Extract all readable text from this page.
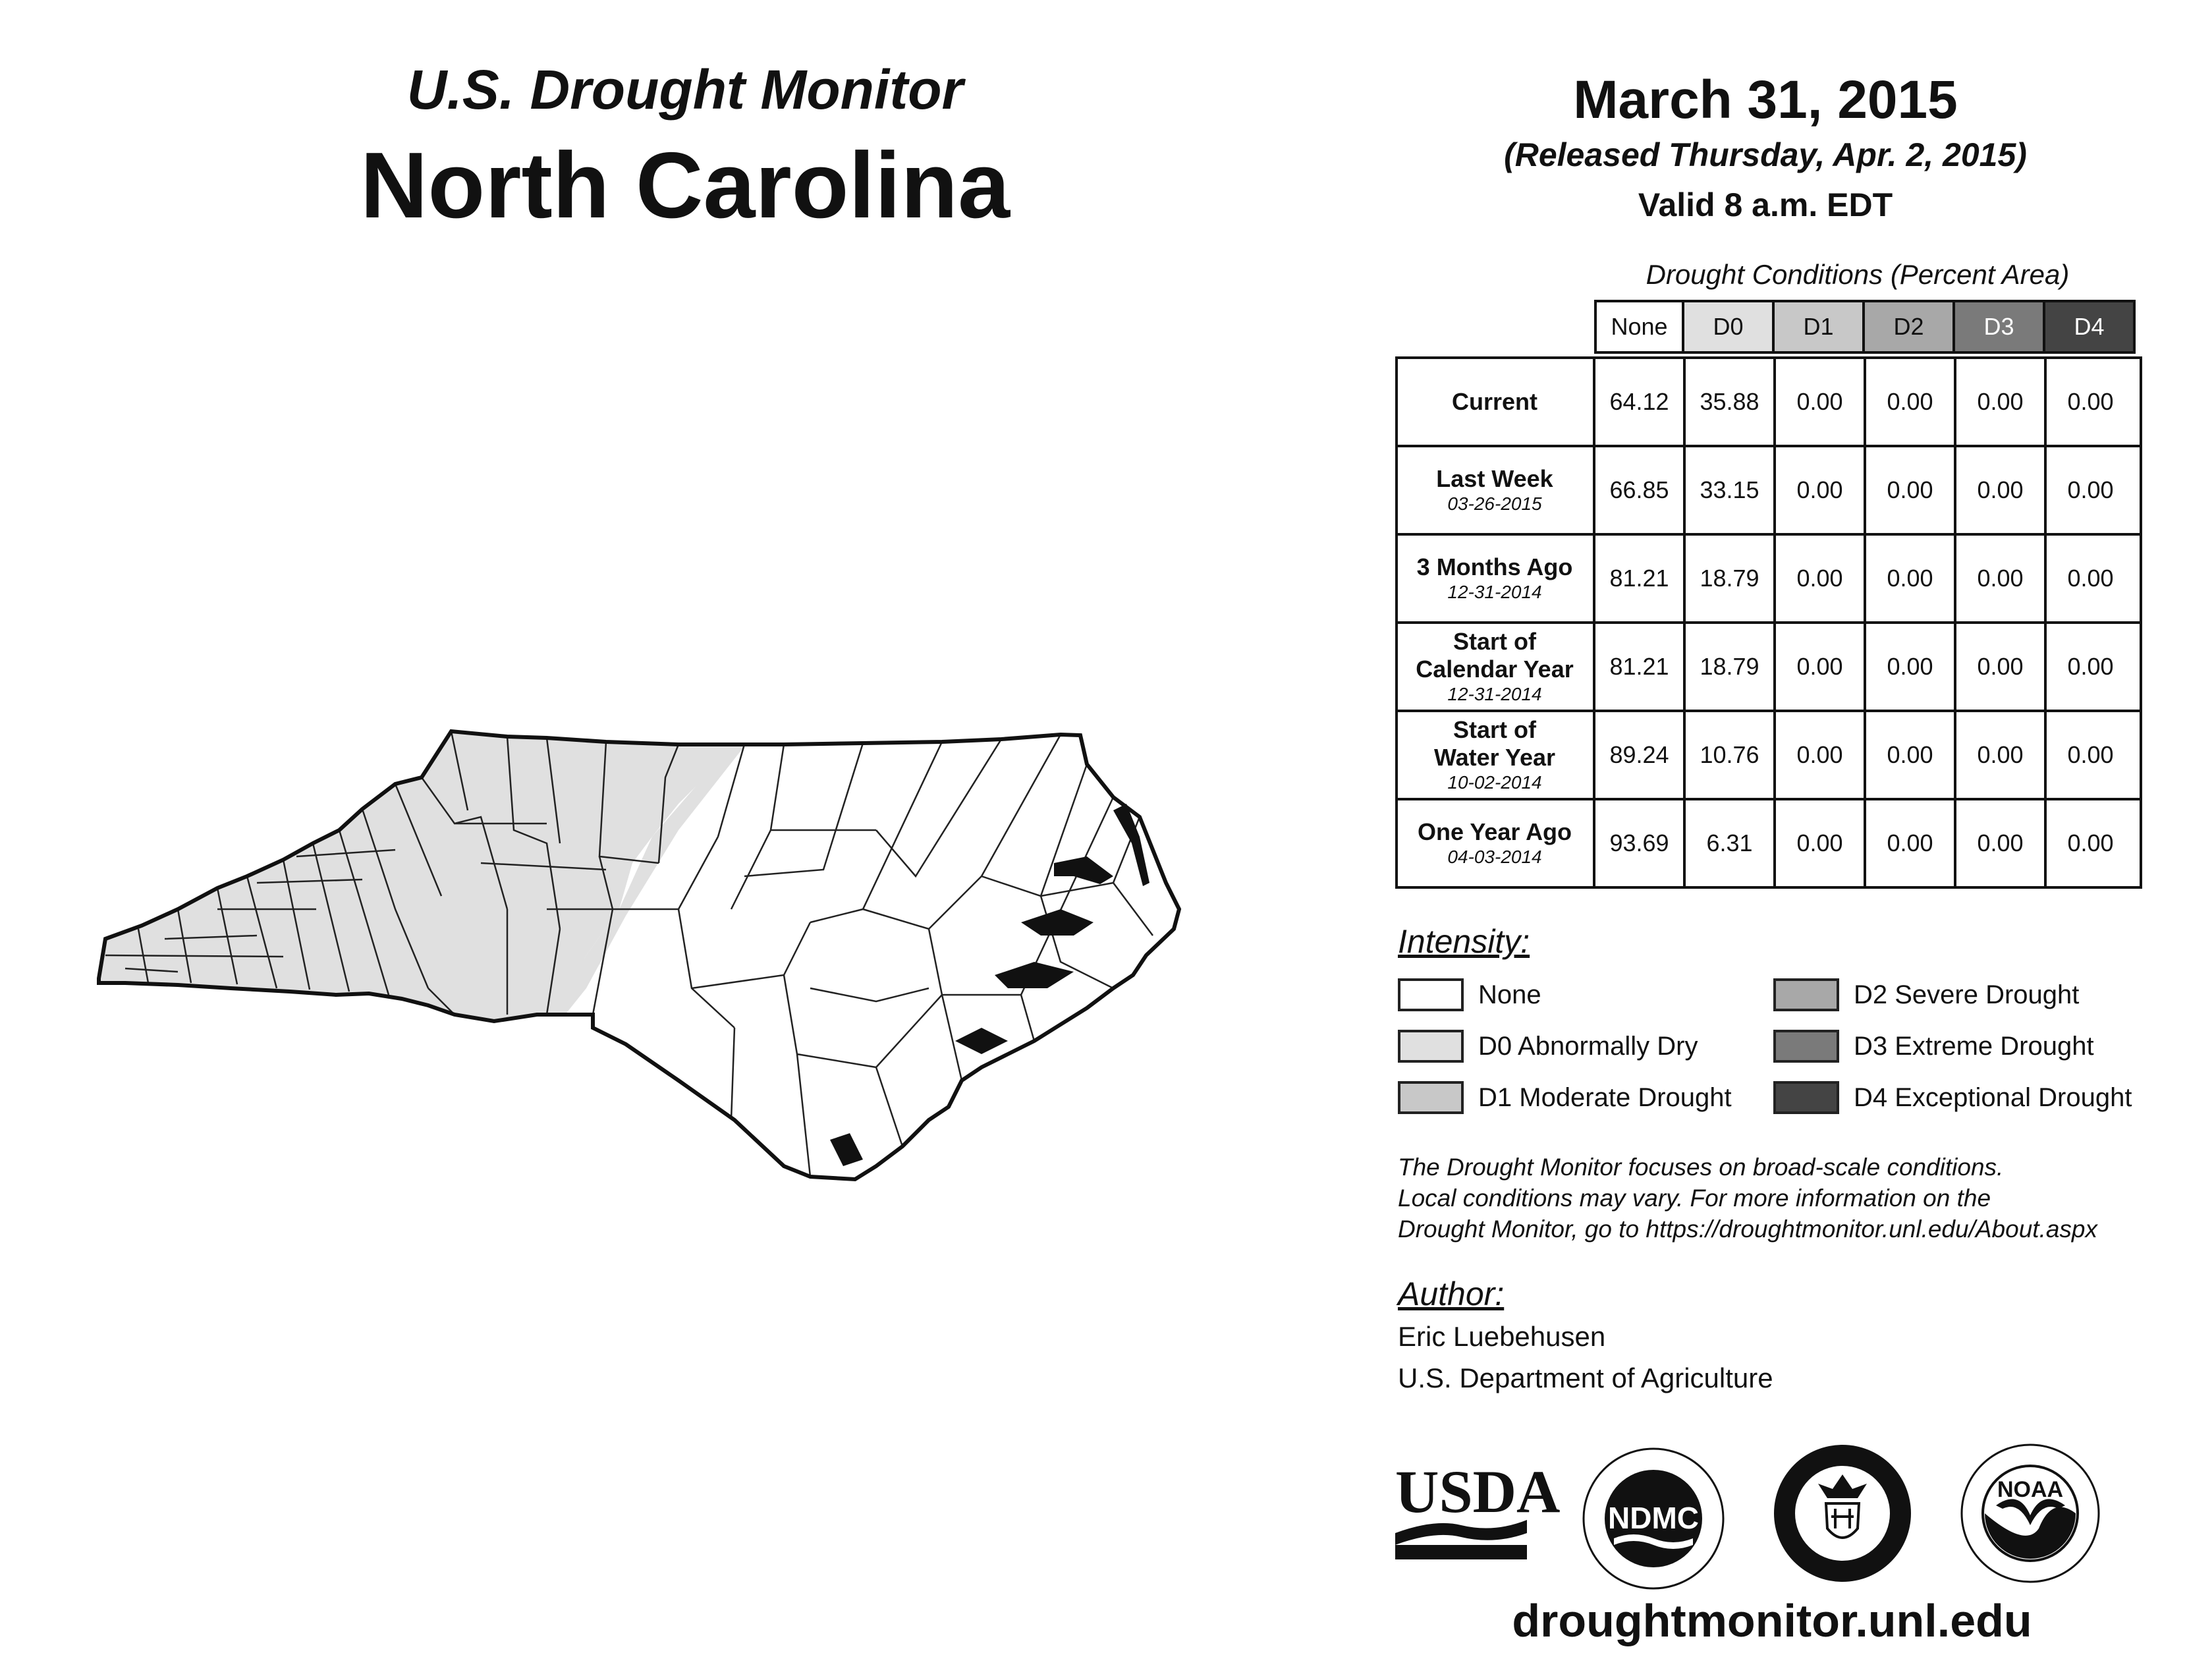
U.S. Drought Monitor
North Carolina
March 31, 2015
(Released Thursday, Apr. 2, 2015)
Valid 8 a.m. EDT
Drought Conditions (Percent Area)
None	D0	D1	D2	D3	D4
Current	64.12	35.88	0.00	0.00	0.00	0.00
Last Week
03-26-2015
66.85	33.15	0.00	0.00	0.00	0.00
3 Months Ago
12-31-2014
81.21	18.79	0.00	0.00	0.00	0.00
Start of
Calendar Year
12-31-2014
81.21	18.79	0.00	0.00	0.00	0.00
Start of
Water Year
10-02-2014
89.24	10.76	0.00	0.00	0.00	0.00
One Year Ago
04-03-2014
93.69	6.31	0.00	0.00	0.00	0.00
Intensity:
None
D0 Abnormally Dry
D1 Moderate Drought
D2 Severe Drought
D3 Extreme Drought
D4 Exceptional Drought
The Drought Monitor focuses on broad-scale conditions.
Local conditions may vary. For more information on the
Drought Monitor, go to https://droughtmonitor.unl.edu/About.aspx
Author:
Eric Luebehusen
U.S. Department of Agriculture
USDA NDMC
NOAA
droughtmonitor.unl.edu
